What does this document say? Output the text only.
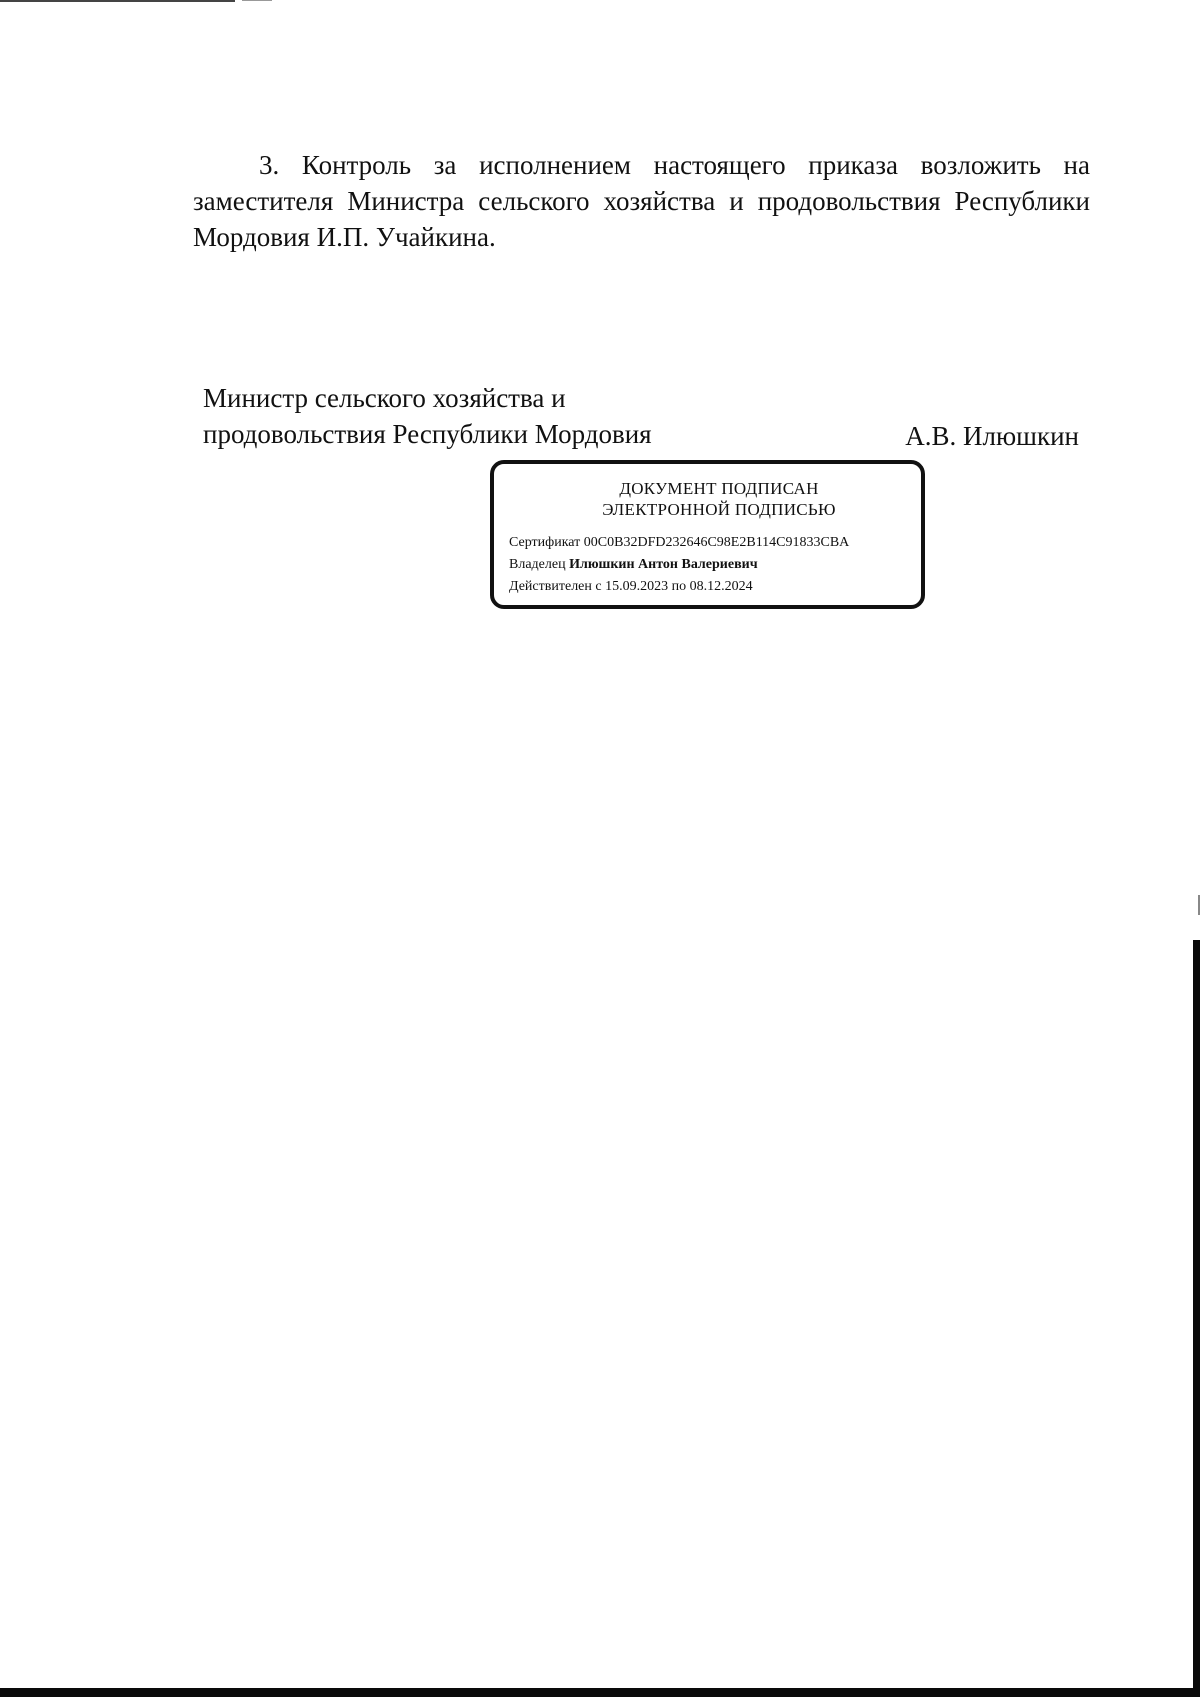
3. Контроль за исполнением настоящего приказа возложить на заместителя Министра сельского хозяйства и продовольствия Республики Мордовия И.П. Учайкина.

Министр сельского хозяйства и
продовольствия Республики Мордовия	А.В. Илюшкин
ДОКУМЕНТ ПОДПИСАН
ЭЛЕКТРОННОЙ ПОДПИСЬЮ
Сертификат 00C0B32DFD232646C98E2B114C91833CBA
Владелец Илюшкин Антон Валериевич
Действителен с 15.09.2023 по 08.12.2024
